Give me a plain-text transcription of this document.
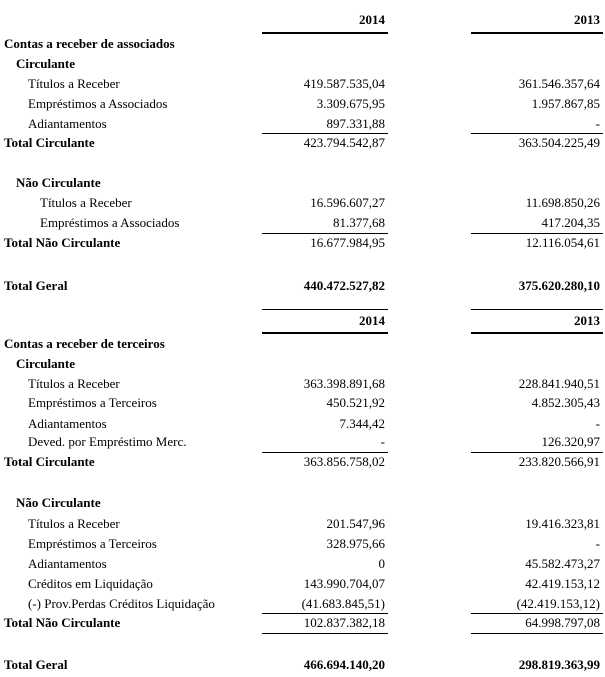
2014	2013
Contas a receber de associados
Circulante
Títulos a Receber	419.587.535,04	361.546.357,64
Empréstimos a Associados	3.309.675,95	1.957.867,85
Adiantamentos	897.331,88	-
Total Circulante	423.794.542,87	363.504.225,49
Não Circulante
Títulos a Receber	16.596.607,27	11.698.850,26
Empréstimos a Associados	81.377,68	417.204,35
Total Não Circulante	16.677.984,95	12.116.054,61
Total Geral	440.472.527,82	375.620.280,10
2014	2013
Contas a receber de terceiros
Circulante
Títulos a Receber	363.398.891,68	228.841.940,51
Empréstimos a Terceiros	450.521,92	4.852.305,43
Adiantamentos	7.344,42	-
Deved. por Empréstimo Merc.	-	126.320,97
Total Circulante	363.856.758,02	233.820.566,91
Não Circulante
Títulos a Receber	201.547,96	19.416.323,81
Empréstimos a Terceiros	328.975,66	-
Adiantamentos	0	45.582.473,27
Créditos em Liquidação	143.990.704,07	42.419.153,12
(-) Prov.Perdas Créditos Liquidação	(41.683.845,51)	(42.419.153,12)
Total Não Circulante	102.837.382,18	64.998.797,08
Total Geral	466.694.140,20	298.819.363,99
